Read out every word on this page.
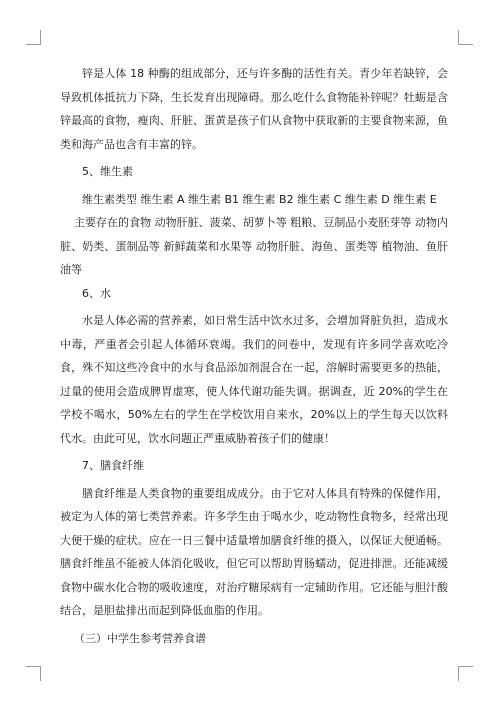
锌是人体 18 种酶的组成部分，还与许多酶的活性有关。青少年若缺锌，会导致机体抵抗力下降，生长发育出现障碍。那么吃什么食物能补锌呢？牡蛎是含锌最高的食物，瘦肉、肝脏、蛋黄是孩子们从食物中获取新的主要食物来源，鱼类和海产品也含有丰富的锌。

5、维生素

维生素类型 维生素 A 维生素 B1 维生素 B2 维生素 C 维生素 D 维生素 E

主要存在的食物 动物肝脏、菠菜、胡萝卜等 粗粮、豆制品小麦胚芽等 动物内脏、奶类、蛋制品等 新鲜蔬菜和水果等 动物肝脏、海鱼、蛋类等 植物油、鱼肝油等

6、水

水是人体必需的营养素，如日常生活中饮水过多，会增加肾脏负担，造成水中毒，严重者会引起人体循环衰竭。我们的问卷中，发现有许多同学喜欢吃冷食，殊不知这些冷食中的水与食品添加剂混合在一起，溶解时需要更多的热能，过量的使用会造成脾胃虚寒，使人体代谢功能失调。据调查，近 20%的学生在学校不喝水，50%左右的学生在学校饮用自来水，20%以上的学生每天以饮料代水。由此可见，饮水问题正严重威胁着孩子们的健康！

7、膳食纤维

膳食纤维是人类食物的重要组成成分。由于它对人体具有特殊的保健作用，被定为人体的第七类营养素。许多学生由于喝水少，吃动物性食物多，经常出现大便干燥的症状。应在一日三餐中适量增加膳食纤维的摄入，以保证大便通畅。膳食纤维虽不能被人体消化吸收，但它可以帮助胃肠蠕动，促进排泄。还能减缓食物中碳水化合物的吸收速度，对治疗糖尿病有一定辅助作用。它还能与胆汁酸结合，是胆盐排出而起到降低血脂的作用。

（三）中学生参考营养食谱
